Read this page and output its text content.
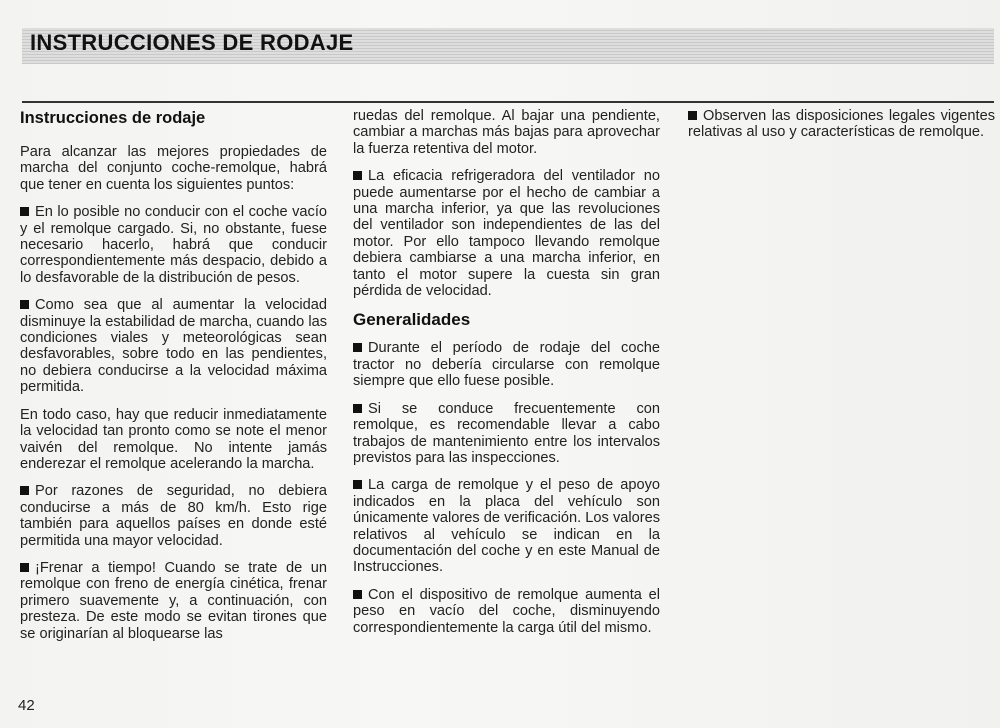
INSTRUCCIONES DE RODAJE
Instrucciones de rodaje

Para alcanzar las mejores propiedades de marcha del conjunto coche-remolque, habrá que tener en cuenta los siguientes puntos:

En lo posible no conducir con el coche vacío y el remolque cargado. Si, no obstante, fuese necesario hacerlo, habrá que conducir correspondientemente más despacio, debido a lo desfavorable de la distribución de pesos.

Como sea que al aumentar la velocidad disminuye la estabilidad de marcha, cuando las condiciones viales y meteorológicas sean desfavorables, sobre todo en las pendientes, no debiera conducirse a la velocidad máxima permitida.

En todo caso, hay que reducir inmediatamente la velocidad tan pronto como se note el menor vaivén del remolque. No intente jamás enderezar el remolque acelerando la marcha.

Por razones de seguridad, no debiera conducirse a más de 80 km/h. Esto rige también para aquellos países en donde esté permitida una mayor velocidad.

¡Frenar a tiempo! Cuando se trate de un remolque con freno de energía cinética, frenar primero suavemente y, a continuación, con presteza. De este modo se evitan tirones que se originarían al bloquearse las

ruedas del remolque. Al bajar una pendiente, cambiar a marchas más bajas para aprovechar la fuerza retentiva del motor.

La eficacia refrigeradora del ventilador no puede aumentarse por el hecho de cambiar a una marcha inferior, ya que las revoluciones del ventilador son independientes de las del motor. Por ello tampoco llevando remolque debiera cambiarse a una marcha inferior, en tanto el motor supere la cuesta sin gran pérdida de velocidad.

Generalidades

Durante el período de rodaje del coche tractor no debería circularse con remolque siempre que ello fuese posible.

Si se conduce frecuentemente con remolque, es recomendable llevar a cabo trabajos de mantenimiento entre los intervalos previstos para las inspecciones.

La carga de remolque y el peso de apoyo indicados en la placa del vehículo son únicamente valores de verificación. Los valores relativos al vehículo se indican en la documentación del coche y en este Manual de Instrucciones.

Con el dispositivo de remolque aumenta el peso en vacío del coche, disminuyendo correspondientemente la carga útil del mismo.

Observen las disposiciones legales vigentes relativas al uso y características de remolque.

42
